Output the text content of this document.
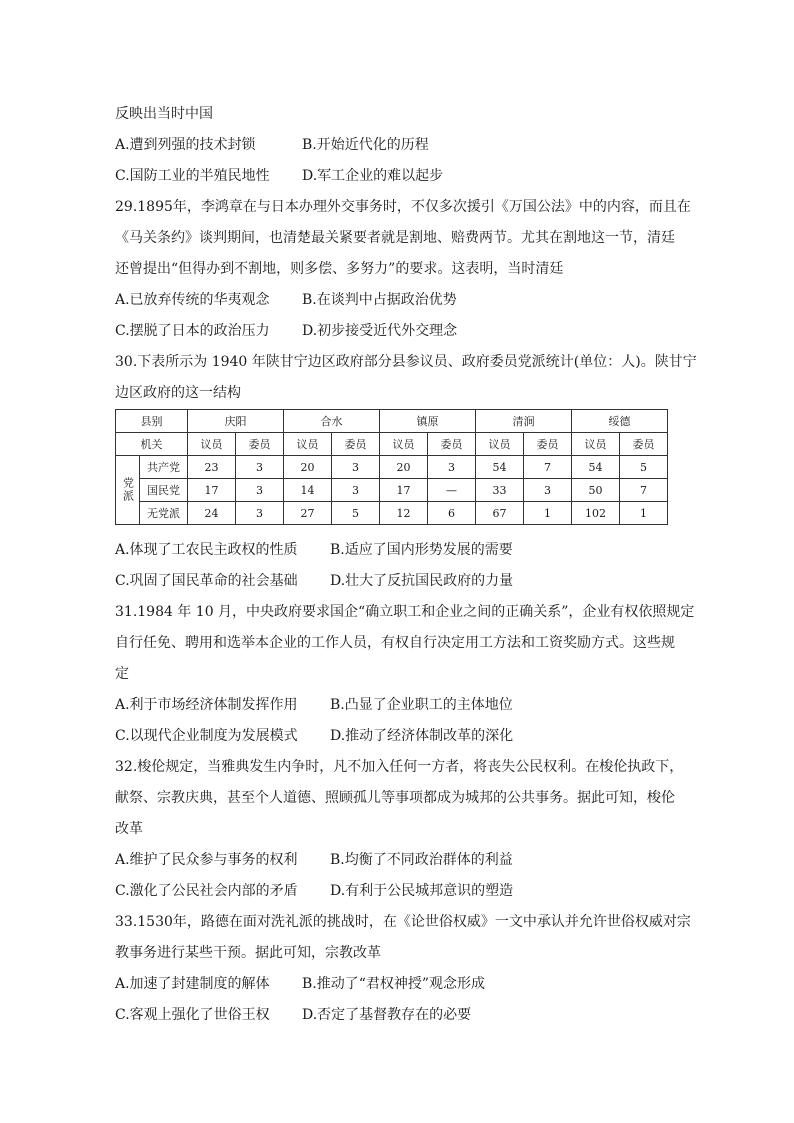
反映出当时中国
A.遭到列强的技术封锁	B.开始近代化的历程
C.国防工业的半殖民地性 D.军工企业的难以起步
29.1895年，李鸿章在与日本办理外交事务时，不仅多次援引《万国公法》中的内容，而且在
《马关条约》谈判期间，也清楚最关紧要者就是割地、赔费两节。尤其在割地这一节，清廷
还曾提出“但得办到不割地，则多偿、多努力”的要求。这表明，当时清廷
A.已放弃传统的华夷观念 B.在谈判中占据政治优势
C.摆脱了日本的政治压力 D.初步接受近代外交理念
30.下表所示为 1940 年陕甘宁边区政府部分县参议员、政府委员党派统计(单位：人)。陕甘宁
边区政府的这一结构
县别		庆阳		合水		镇原		清涧		绥德	
机关		议员	委员	议员	委员	议员	委员	议员	委员	议员	委员
党派	共产党	23	3	20	3	20	3	54	7	54	5
	国民党	17	3	14	3	17	—	33	3	50	7
	无党派	24	3	27	5	12	6	67	1	102	1
A.体现了工农民主政权的性质 B.适应了国内形势发展的需要
C.巩固了国民革命的社会基础 D.壮大了反抗国民政府的力量
31.1984 年 10 月，中央政府要求国企“确立职工和企业之间的正确关系”，企业有权依照规定
自行任免、聘用和选举本企业的工作人员，有权自行决定用工方法和工资奖励方式。这些规
定
A.利于市场经济体制发挥作用 B.凸显了企业职工的主体地位
C.以现代企业制度为发展模式 D.推动了经济体制改革的深化
32.梭伦规定，当雅典发生内争时，凡不加入任何一方者，将丧失公民权利。在梭伦执政下，
献祭、宗教庆典，甚至个人道德、照顾孤儿等事项都成为城邦的公共事务。据此可知，梭伦
改革
A.维护了民众参与事务的权利 B.均衡了不同政治群体的利益
C.激化了公民社会内部的矛盾 D.有利于公民城邦意识的塑造
33.1530年，路德在面对洗礼派的挑战时，在《论世俗权威》一文中承认并允许世俗权威对宗
教事务进行某些干预。据此可知，宗教改革
A.加速了封建制度的解体 B.推动了“君权神授”观念形成
C.客观上强化了世俗王权 D.否定了基督教存在的必要
